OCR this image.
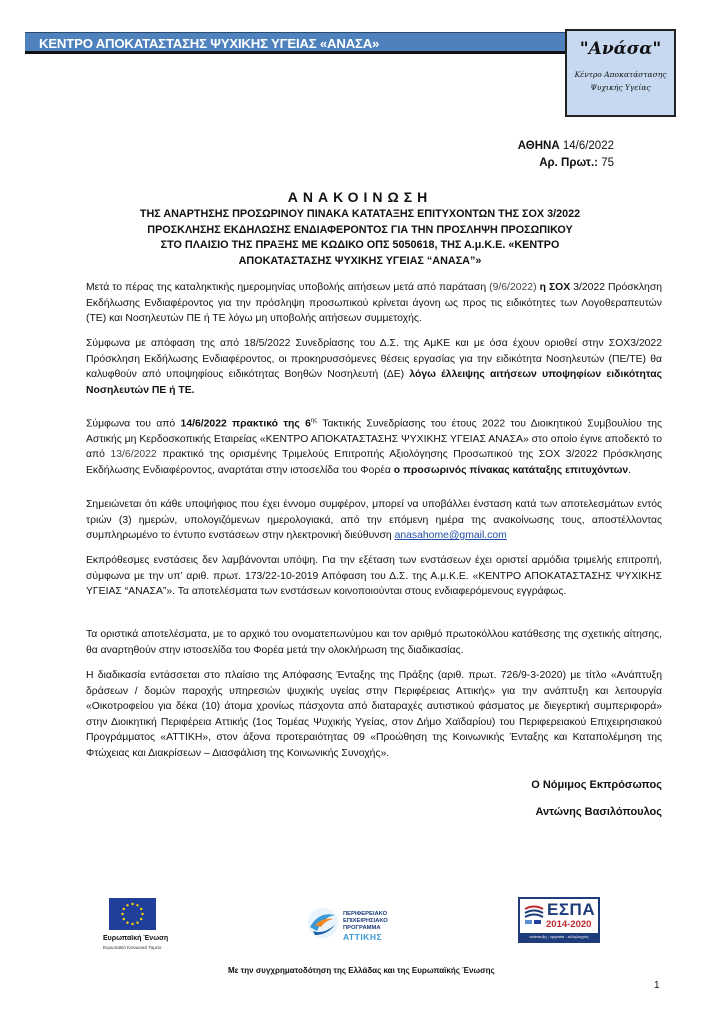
ΚΕΝΤΡΟ ΑΠΟΚΑΤΑΣΤΑΣΗΣ ΨΥΧΙΚΗΣ ΥΓΕΙΑΣ «ΑΝΑΣΑ»	"Ανάσα"
Κέντρο Αποκατάστασης
Ψυχικής Υγείας
ΑΘΗΝΑ 14/6/2022
Αρ. Πρωτ.: 75
ΑΝΑΚΟΙΝΩΣΗ
ΤΗΣ ΑΝΑΡΤΗΣΗΣ ΠΡΟΣΩΡΙΝΟΥ ΠΙΝΑΚΑ ΚΑΤΑΤΑΞΗΣ ΕΠΙΤΥΧΟΝΤΩΝ ΤΗΣ ΣΟΧ 3/2022
ΠΡΟΣΚΛΗΣΗΣ ΕΚΔΗΛΩΣΗΣ ΕΝΔΙΑΦΕΡΟΝΤΟΣ ΓΙΑ ΤΗΝ ΠΡΟΣΛΗΨΗ ΠΡΟΣΩΠΙΚΟΥ
ΣΤΟ ΠΛΑΙΣΙΟ ΤΗΣ ΠΡΑΞΗΣ ΜΕ ΚΩΔΙΚΟ ΟΠΣ 5050618, ΤΗΣ Α.μ.Κ.Ε. «ΚΕΝΤΡΟ
ΑΠΟΚΑΤΑΣΤΑΣΗΣ ΨΥΧΙΚΗΣ ΥΓΕΙΑΣ “ΑΝΑΣΑ”»
Μετά το πέρας της καταληκτικής ημερομηνίας υποβολής αιτήσεων μετά από παράταση (9/6/2022) η ΣΟΧ 3/2022 Πρόσκληση Εκδήλωσης Ενδιαφέροντος για την πρόσληψη προσωπικού κρίνεται άγονη ως προς τις ειδικότητες των Λογοθεραπευτών (ΤΕ) και Νοσηλευτών ΠΕ ή ΤΕ λόγω μη υποβολής αιτήσεων συμμετοχής.
Σύμφωνα με απόφαση της από 18/5/2022 Συνεδρίασης του Δ.Σ. της ΑμΚΕ και με όσα έχουν οριοθεί στην ΣΟΧ3/2022 Πρόσκληση Εκδήλωσης Ενδιαφέροντος, οι προκηρυσσόμενες θέσεις εργασίας για την ειδικότητα Νοσηλευτών (ΠΕ/ΤΕ) θα καλυφθούν από υποψηφίους ειδικότητας Βοηθών Νοσηλευτή (ΔΕ) λόγω έλλειψης αιτήσεων υποψηφίων ειδικότητας Νοσηλευτών ΠΕ ή ΤΕ.
Σύμφωνα του από 14/6/2022 πρακτικό της $6^{\eta\varsigma}$ Τακτικής Συνεδρίασης του έτους 2022 του Διοικητικού Συμβουλίου της Αστικής μη Κερδοσκοπικής Εταιρείας «ΚΕΝΤΡΟ ΑΠΟΚΑΤΑΣΤΑΣΗΣ ΨΥΧΙΚΗΣ ΥΓΕΙΑΣ ΑΝΑΣΑ» στο οποίο έγινε αποδεκτό το από 13/6/2022 πρακτικό της ορισμένης Τριμελούς Επιτροπής Αξιολόγησης Προσωπικού της ΣΟΧ 3/2022 Πρόσκλησης Εκδήλωσης Ενδιαφέροντος, αναρτάται στην ιστοσελίδα του Φορέα ο προσωρινός πίνακας κατάταξης επιτυχόντων.
Σημειώνεται ότι κάθε υποψήφιος που έχει έννομο συμφέρον, μπορεί να υποβάλλει ένσταση κατά των αποτελεσμάτων εντός τριών (3) ημερών, υπολογιζόμενων ημερολογιακά, από την επόμενη ημέρα της ανακοίνωσης τους, αποστέλλοντας συμπληρωμένο το έντυπο ενστάσεων στην ηλεκτρονική διεύθυνση anasahome@gmail.com
Εκπρόθεσμες ενστάσεις δεν λαμβάνονται υπόψη. Για την εξέταση των ενστάσεων έχει οριστεί αρμόδια τριμελής επιτροπή, σύμφωνα με την υπ’ αριθ. πρωτ. 173/22-10-2019 Απόφαση του Δ.Σ. της Α.μ.Κ.Ε. «ΚΕΝΤΡΟ ΑΠΟΚΑΤΑΣΤΑΣΗΣ ΨΥΧΙΚΗΣ ΥΓΕΙΑΣ “ΑΝΑΣΑ”». Τα αποτελέσματα των ενστάσεων κοινοποιούνται στους ενδιαφερόμενους εγγράφως.
Τα οριστικά αποτελέσματα, με το αρχικό του ονοματεπωνύμου και τον αριθμό πρωτοκόλλου κατάθεσης της σχετικής αίτησης, θα αναρτηθούν στην ιστοσελίδα του Φορέα μετά την ολοκλήρωση της διαδικασίας.
Η διαδικασία εντάσσεται στο πλαίσιο της Απόφασης Ένταξης της Πράξης (αριθ. πρωτ. 726/9-3-2020) με τίτλο «Ανάπτυξη δράσεων / δομών παροχής υπηρεσιών ψυχικής υγείας στην Περιφέρειας Αττικής» για την ανάπτυξη και λειτουργία «Οικοτροφείου για δέκα (10) άτομα χρονίως πάσχοντα από διαταραχές αυτιστικού φάσματος με διεγερτική συμπεριφορά» στην Διοικητική Περιφέρεια Αττικής (1ος Τομέας Ψυχικής Υγείας, στον Δήμο Χαϊδαρίου) του Περιφερειακού Επιχειρησιακού Προγράμματος «ΑΤΤΙΚΗ», στον άξονα προτεραιότητας 09 «Προώθηση της Κοινωνικής Ένταξης και Καταπολέμηση της Φτώχειας και Διακρίσεων – Διασφάλιση της Κοινωνικής Συνοχής».
Ο Νόμιμος Εκπρόσωπος
Αντώνης Βασιλόπουλος
Ευρωπαϊκή Ένωση
Ευρωπαϊκό Κοινωνικό Ταμείο
ΠΕΡΙΦΕΡΕΙΑΚΟ
ΕΠΙΧΕΙΡΗΣΙΑΚΟ
ΠΡΟΓΡΑΜΜΑ
ΑΤΤΙΚΗΣ
ΕΣΠΑ
2014-2020
ανάπτυξη - εργασία - αλληλεγγύη
Με την συγχρηματοδότηση της Ελλάδας και της Ευρωπαϊκής Ένωσης
1
